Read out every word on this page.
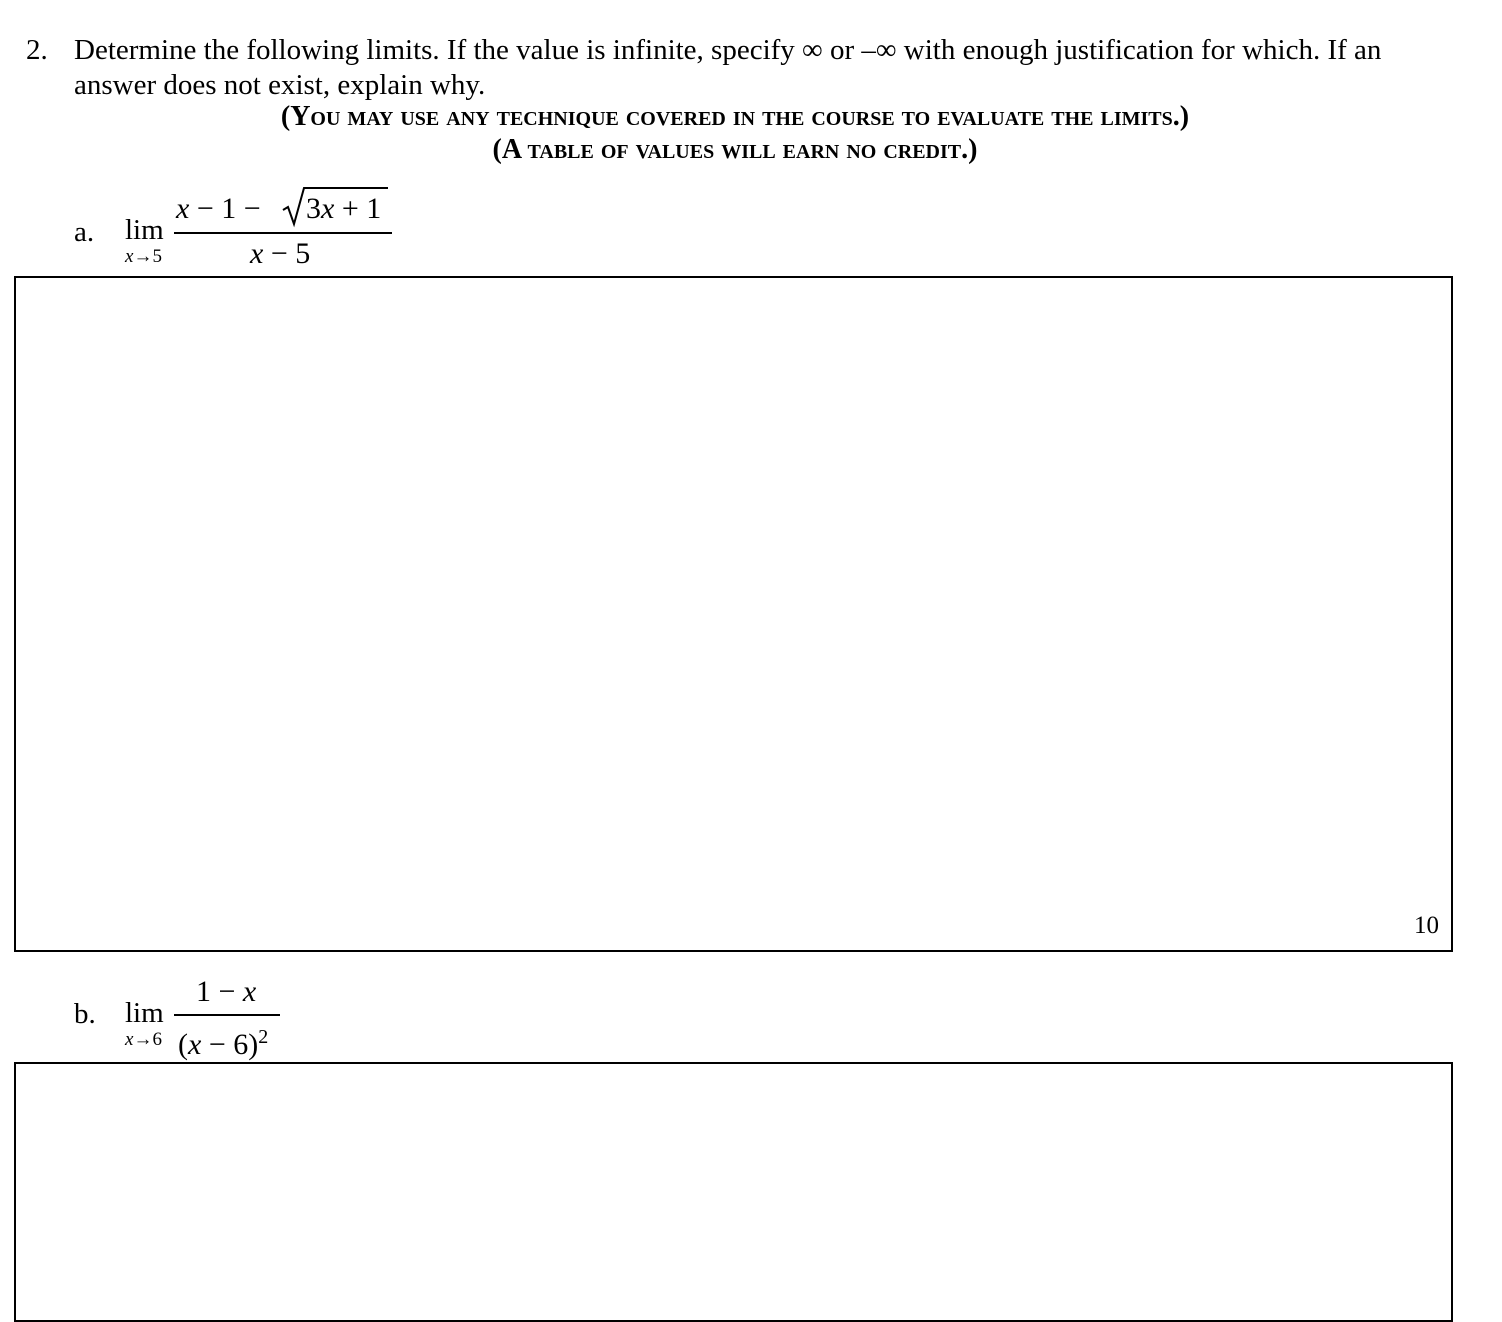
2. Determine the following limits. If the value is infinite, specify ∞ or –∞ with enough justification for which. If an
answer does not exist, explain why.
(You may use any technique covered in the course to evaluate the limits.)
(A table of values will earn no credit.)
a. lim
x→5
x − 1 − 3x + 1
x − 5
10
b. lim
x→6
1 − x
$(x - 6)^2$
